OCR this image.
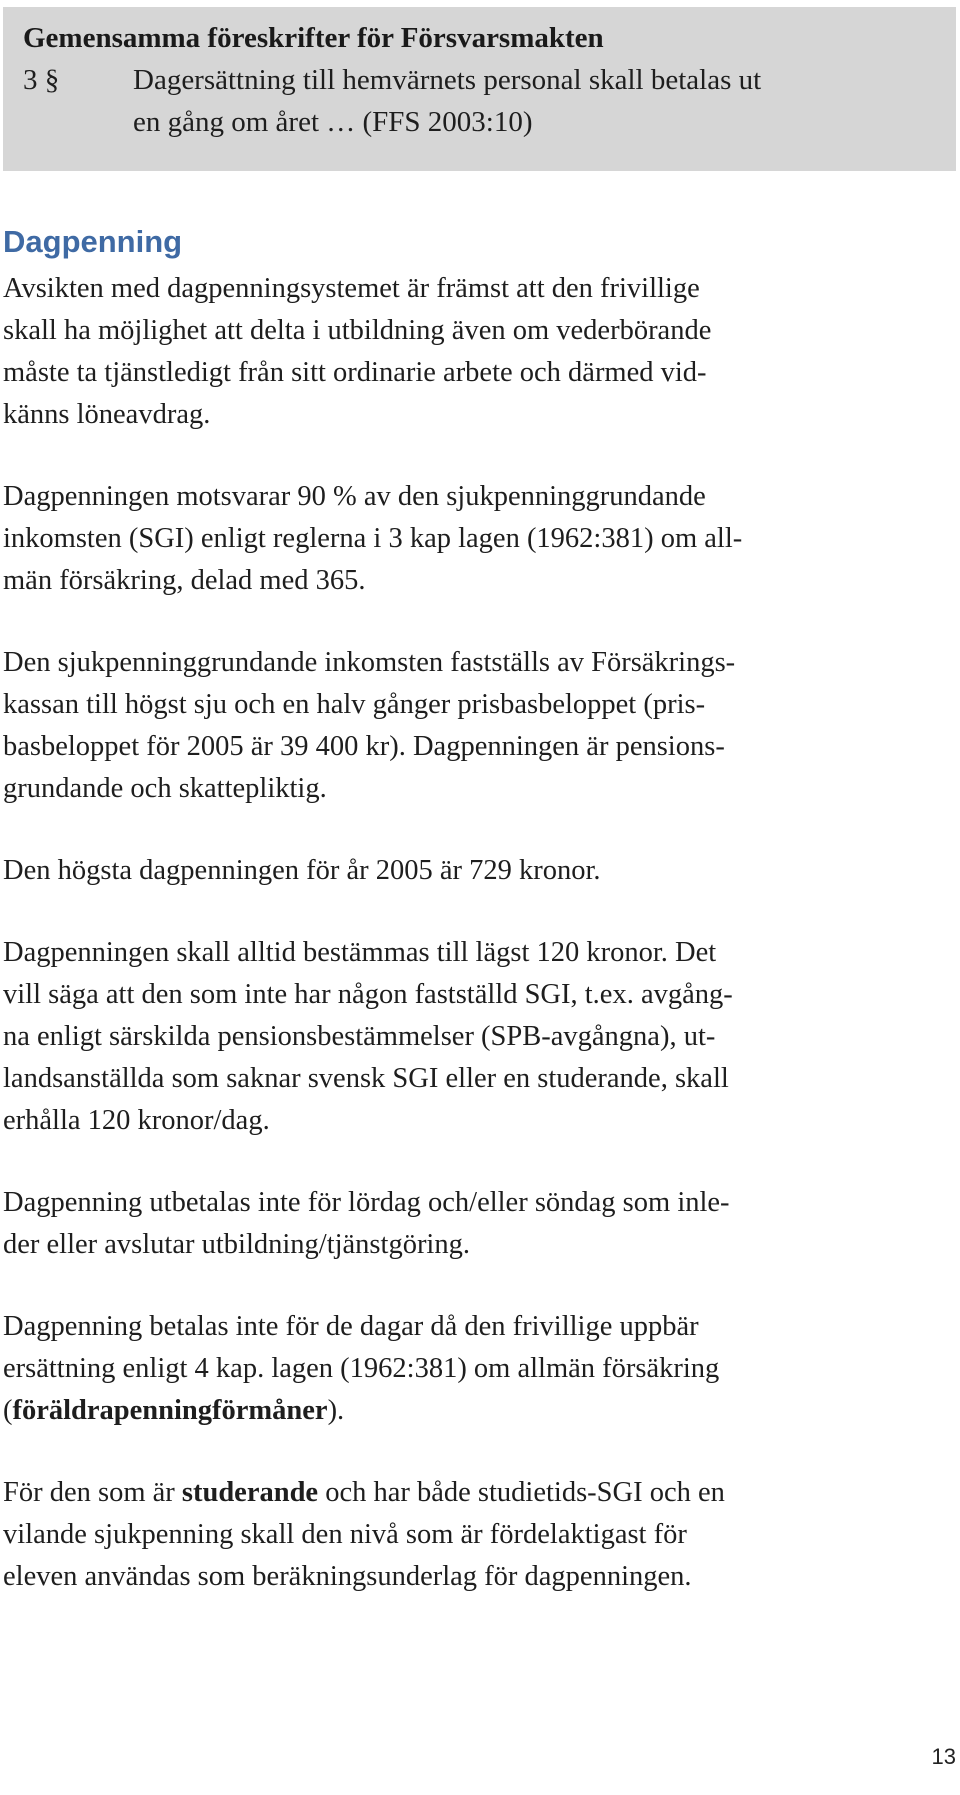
Gemensamma föreskrifter för Försvarsmakten
3 §	Dagersättning till hemvärnets personal skall betalas ut
en gång om året … (FFS 2003:10)
Dagpenning

Avsikten med dagpenningsystemet är främst att den frivillige
skall ha möjlighet att delta i utbildning även om vederbörande
måste ta tjänstledigt från sitt ordinarie arbete och därmed vid-
känns löneavdrag.

Dagpenningen motsvarar 90 % av den sjukpenninggrundande
inkomsten (SGI) enligt reglerna i 3 kap lagen (1962:381) om all-
män försäkring, delad med 365.

Den sjukpenninggrundande inkomsten fastställs av Försäkrings-
kassan till högst sju och en halv gånger prisbasbeloppet (pris-
basbeloppet för 2005 är 39 400 kr). Dagpenningen är pensions-
grundande och skattepliktig.

Den högsta dagpenningen för år 2005 är 729 kronor.

Dagpenningen skall alltid bestämmas till lägst 120 kronor. Det
vill säga att den som inte har någon fastställd SGI, t.ex. avgång-
na enligt särskilda pensionsbestämmelser (SPB-avgångna), ut-
landsanställda som saknar svensk SGI eller en studerande, skall
erhålla 120 kronor/dag.

Dagpenning utbetalas inte för lördag och/eller söndag som inle-
der eller avslutar utbildning/tjänstgöring.

Dagpenning betalas inte för de dagar då den frivillige uppbär
ersättning enligt 4 kap. lagen (1962:381) om allmän försäkring
(föräldrapenningförmåner).

För den som är studerande och har både studietids-SGI och en
vilande sjukpenning skall den nivå som är fördelaktigast för
eleven användas som beräkningsunderlag för dagpenningen.

13
